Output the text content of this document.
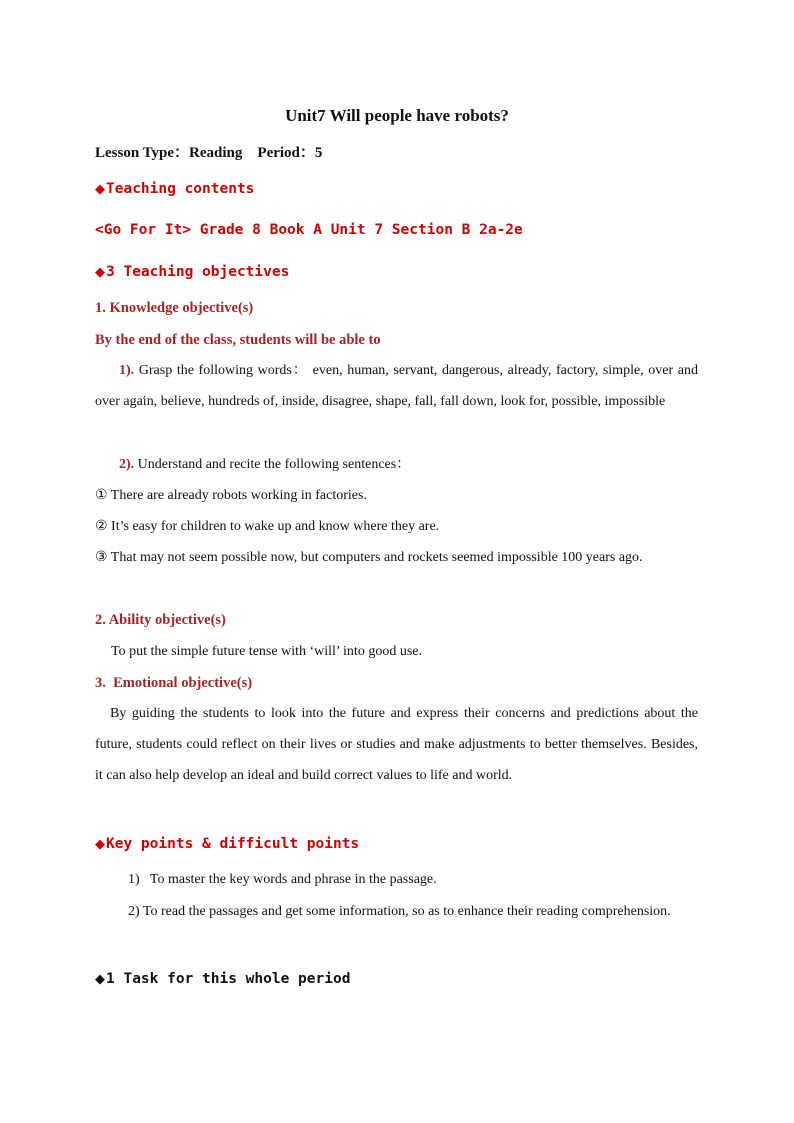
Unit7 Will people have robots?
Lesson Type：Reading Period：5
◆Teaching contents
<Go For It> Grade 8 Book A Unit 7 Section B 2a-2e
◆3 Teaching objectives
1. Knowledge objective(s)
By the end of the class, students will be able to
1). Grasp the following words： even, human, servant, dangerous, already, factory, simple, over and over again, believe, hundreds of, inside, disagree, shape, fall, fall down, look for, possible, impossible
2). Understand and recite the following sentences：
① There are already robots working in factories.
② It’s easy for children to wake up and know where they are.
③ That may not seem possible now, but computers and rockets seemed impossible 100 years ago.
2. Ability objective(s)
To put the simple future tense with ‘will’ into good use.
3.  Emotional objective(s)
By guiding the students to look into the future and express their concerns and predictions about the future, students could reflect on their lives or studies and make adjustments to better themselves. Besides, it can also help develop an ideal and build correct values to life and world.
◆Key points & difficult points
1)   To master the key words and phrase in the passage.
2) To read the passages and get some information, so as to enhance their reading comprehension.
◆1 Task for this whole period
